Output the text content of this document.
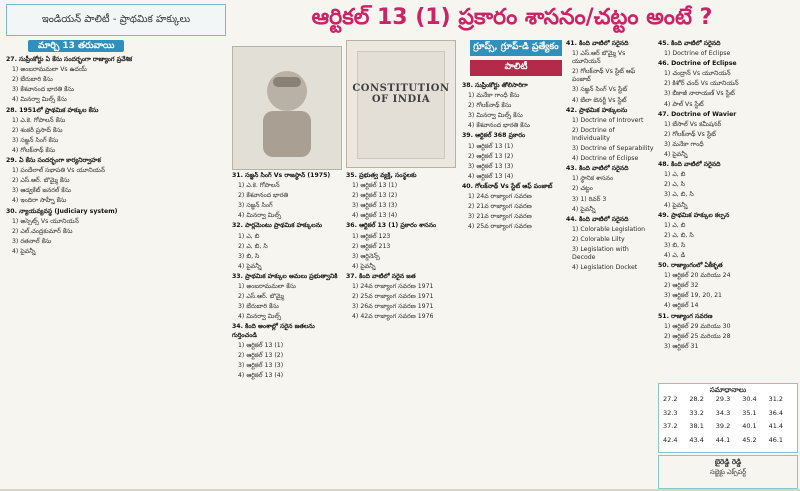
ఇండియన్ పాలిటీ - ప్రాథమిక హక్కులు	ఆర్టికల్ 13 (1) ప్రకారం శాసనం/చట్టం అంటే ?
మార్చి 13 తరువాయి

27. సుప్రీంకోర్టు ఏ కేసు సందర్భంగా రాజ్యాంగ ప్రవేశిక

1) అంబరామమలా Vs ఉదయ్

2) బేరుబారి కేసు

3) కేశవానంద భారతి కేసు

4) మినర్వా మిల్స్ కేసు

28. 1951లో ప్రాథమిక హక్కుల కేసు

1) ఎ.కె. గోపాలన్ కేసు

2) శంకరీ ప్రసాద్ కేసు

3) సజ్జన్ సింగ్ కేసు

4) గోలక్‌నాథ్ కేసు

29. ఏ కేసు సందర్భంగా కార్యనిర్వాహక

1) పందేలాల్ సభాపతి Vs యూనియన్

2) ఎస్.ఆర్. బొమ్మై కేసు

3) ఆడ్వకేట్ జనరల్ కేసు

4) ఇందిరా సాహ్నీ కేసు

30. న్యాయవ్యవస్థ (Judiciary system)

1) అస్సెట్స్‌ Vs యూనియన్

2) ఎల్.చంద్రకుమార్ కేసు

3) రతనాల్ కేసు

4) పైవన్నీ

31. సజ్జన్ సింగ్ Vs రాజస్థాన్ (1975)

1) ఎ.కె. గోపాలన్

2) కేశవానంద భారతి

3) సజ్జన్ సింగ్

4) మినర్వా మిల్స్

32. పార్లమెంటు ప్రాథమిక హక్కులను

1) ఎ, బి

2) ఎ, బి, సి

3) బి, సి

4) పైవన్నీ

33. ప్రాథమిక హక్కుల అమలు ప్రభుత్వానికి

1) అంబరామమలా కేసు

2) ఎస్.ఆర్. బొమ్మై

3) బేరుబారి కేసు

4) మినర్వా మిల్స్

34. కింది అంశాల్లో సరైన జతలను గుర్తించండి

1) ఆర్టికల్ 13 (1)

2) ఆర్టికల్ 13 (2)

3) ఆర్టికల్ 13 (3)

4) ఆర్టికల్ 13 (4)

35. ప్రభుత్వ వ్యక్తి, సంస్థలకు

1) ఆర్టికల్ 13 (1)

2) ఆర్టికల్ 13 (2)

3) ఆర్టికల్ 13 (3)

4) ఆర్టికల్ 13 (4)

36. ఆర్టికల్ 13 (1) ప్రకారం శాసనం

1) ఆర్టికల్ 123

2) ఆర్టికల్ 213

3) ఆర్డినెన్స్

4) పైవన్నీ

37. కింది వాటిలో సరైన జత

1) 24వ రాజ్యాంగ సవరణ 1971

2) 25వ రాజ్యాంగ సవరణ 1971

3) 26వ రాజ్యాంగ సవరణ 1971

4) 42వ రాజ్యాంగ సవరణ 1976

CONSTITUTION
OF INDIA

38. సుప్రీంకోర్టు తోలిసారిగా

1) మనేకా గాంధీ కేసు

2) గోలక్‌నాథ్ కేసు

3) మినర్వా మిల్స్ కేసు

4) కేశవానంద భారతి కేసు

39. ఆర్టికల్ 368 ప్రకారం

1) ఆర్టికల్ 13 (1)

2) ఆర్టికల్ 13 (2)

3) ఆర్టికల్ 13 (3)

4) ఆర్టికల్ 13 (4)

40. గోలక్‌నాథ్ Vs స్టేట్ ఆఫ్ పంజాబ్

1) 24వ రాజ్యాంగ సవరణ

2) 21వ రాజ్యాంగ సవరణ

3) 21వ రాజ్యాంగ సవరణ

4) 25వ రాజ్యాంగ సవరణ

గ్రూప్స్, గ్రూప్-డి ప్రత్యేకం
పాలిటీ

41. కింది వాటిలో సరైనది

1) ఎస్.ఆర్ బొమ్మై Vs యూనియన్

2) గోలక్‌నాథ్ Vs స్టేట్ ఆఫ్ పంజాబ్

3) సజ్జన్ సింగ్ Vs స్టేట్

4) బేలా బెనర్జీ Vs స్టేట్

42. ప్రాథమిక హక్కులను

1) Doctrine of Introvert

2) Doctrine of Individuality

3) Doctrine of Separability

4) Doctrine of Eclipse

43. కింది వాటిలో సరైనది

1) స్థానిక శాసనం

2) చట్టం

3) 1) రివర్ 3

4) పైవన్నీ

44. కింది వాటిలో సరైనది

1) Colorable Legislation

2) Colorable Lilty

3) Legislation with Decode

4) Legislation Docket

45. కింది వాటిలో సరైనది

1) Doctrine of Eclipse

46. Doctrine of Eclipse

1) చంద్రాన్ Vs యూనియన్

2) కిశోర్ చంద్ Vs యూనియన్

3) బీకాజీ నారాయణ్ Vs స్టేట్

4) పాల్ Vs స్టేట్

47. Doctrine of Wavier

1) బేసాల్ Vs కమీషనర్

2) గోలక్‌నాథ్ Vs స్టేట్

3) మనేకా గాంధీ

4) పైవన్నీ

48. కింది వాటిలో సరైనది

1) ఎ, బి

2) ఎ, సి

3) ఎ, బి, సి

4) పైవన్నీ

49. ప్రాథమిక హక్కుల కల్పన

1) ఎ, బి

2) ఎ, బి, సి

3) బి, సి

4) ఎ, డి

50. రాజ్యాంగంలో ఏకీకృత

1) ఆర్టికల్ 20 మరియు 24

2) ఆర్టికల్ 32

3) ఆర్టికల్ 19, 20, 21

4) ఆర్టికల్ 14

51. రాజ్యాంగ సవరణ

1) ఆర్టికల్ 29 మరియు 30

2) ఆర్టికల్ 25 మరియు 28

3) ఆర్టికల్ 31

సమాధానాలు
27.2	28.2	29.3	30.4	31.2
32.3	33.2	34.3	35.1	36.4
37.2	38.1	39.2	40.1	41.4
42.4	43.4	44.1	45.2	46.1
బైరెడ్డి రెడ్డి
సబ్జెక్టు ఎక్స్‌పర్ట్
